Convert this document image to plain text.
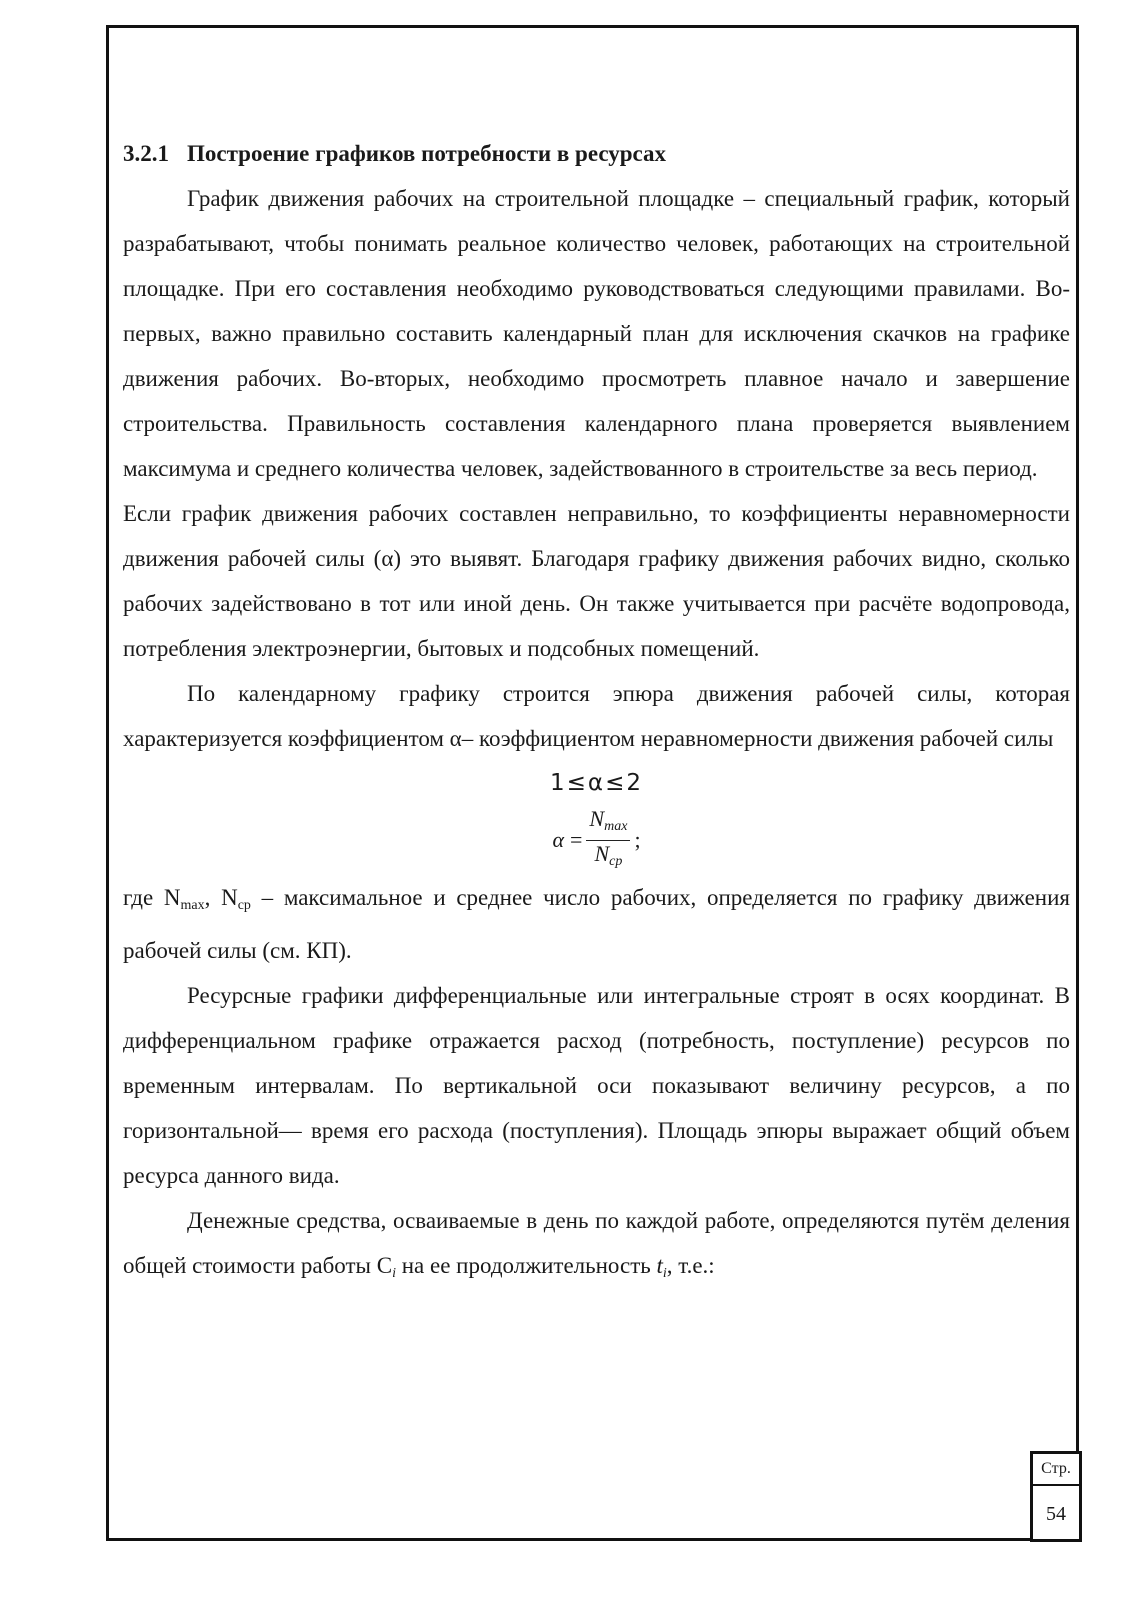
3.2.1 Построение графиков потребности в ресурсах

График движения рабочих на строительной площадке – специальный график, который разрабатывают, чтобы понимать реальное количество человек, работающих на строительной площадке. При его составления необходимо руководствоваться следующими правилами. Во-первых, важно правильно составить календарный план для исключения скачков на графике движения рабочих. Во-вторых, необходимо просмотреть плавное начало и завершение строительства. Правильность составления календарного плана проверяется выявлением максимума и среднего количества человек, задействованного в строительстве за весь период.

Если график движения рабочих составлен неправильно, то коэффициенты неравномерности движения рабочей силы (α) это выявят. Благодаря графику движения рабочих видно, сколько рабочих задействовано в тот или иной день. Он также учитывается при расчёте водопровода, потребления электроэнергии, бытовых и подсобных помещений.

По календарному графику строится эпюра движения рабочей силы, которая характеризуется коэффициентом α– коэффициентом неравномерности движения рабочей силы

1≤α≤2

$\alpha = \frac{N_{max}}{N_{cp}}$ ;

где $N_{max}$, $N_{ср}$ – максимальное и среднее число рабочих, определяется по графику движения рабочей силы (см. КП).

Ресурсные графики дифференциальные или интегральные строят в осях координат. В дифференциальном графике отражается расход (потребность, поступление) ресурсов по временным интервалам. По вертикальной оси показывают величину ресурсов, а по горизонтальной— время его расхода (поступления). Площадь эпюры выражает общий объем ресурса данного вида.

Денежные средства, осваиваемые в день по каждой работе, определяются путём деления общей стоимости работы $С_i$ на ее продолжительность $t_i$, т.е.:

Стр.
54
